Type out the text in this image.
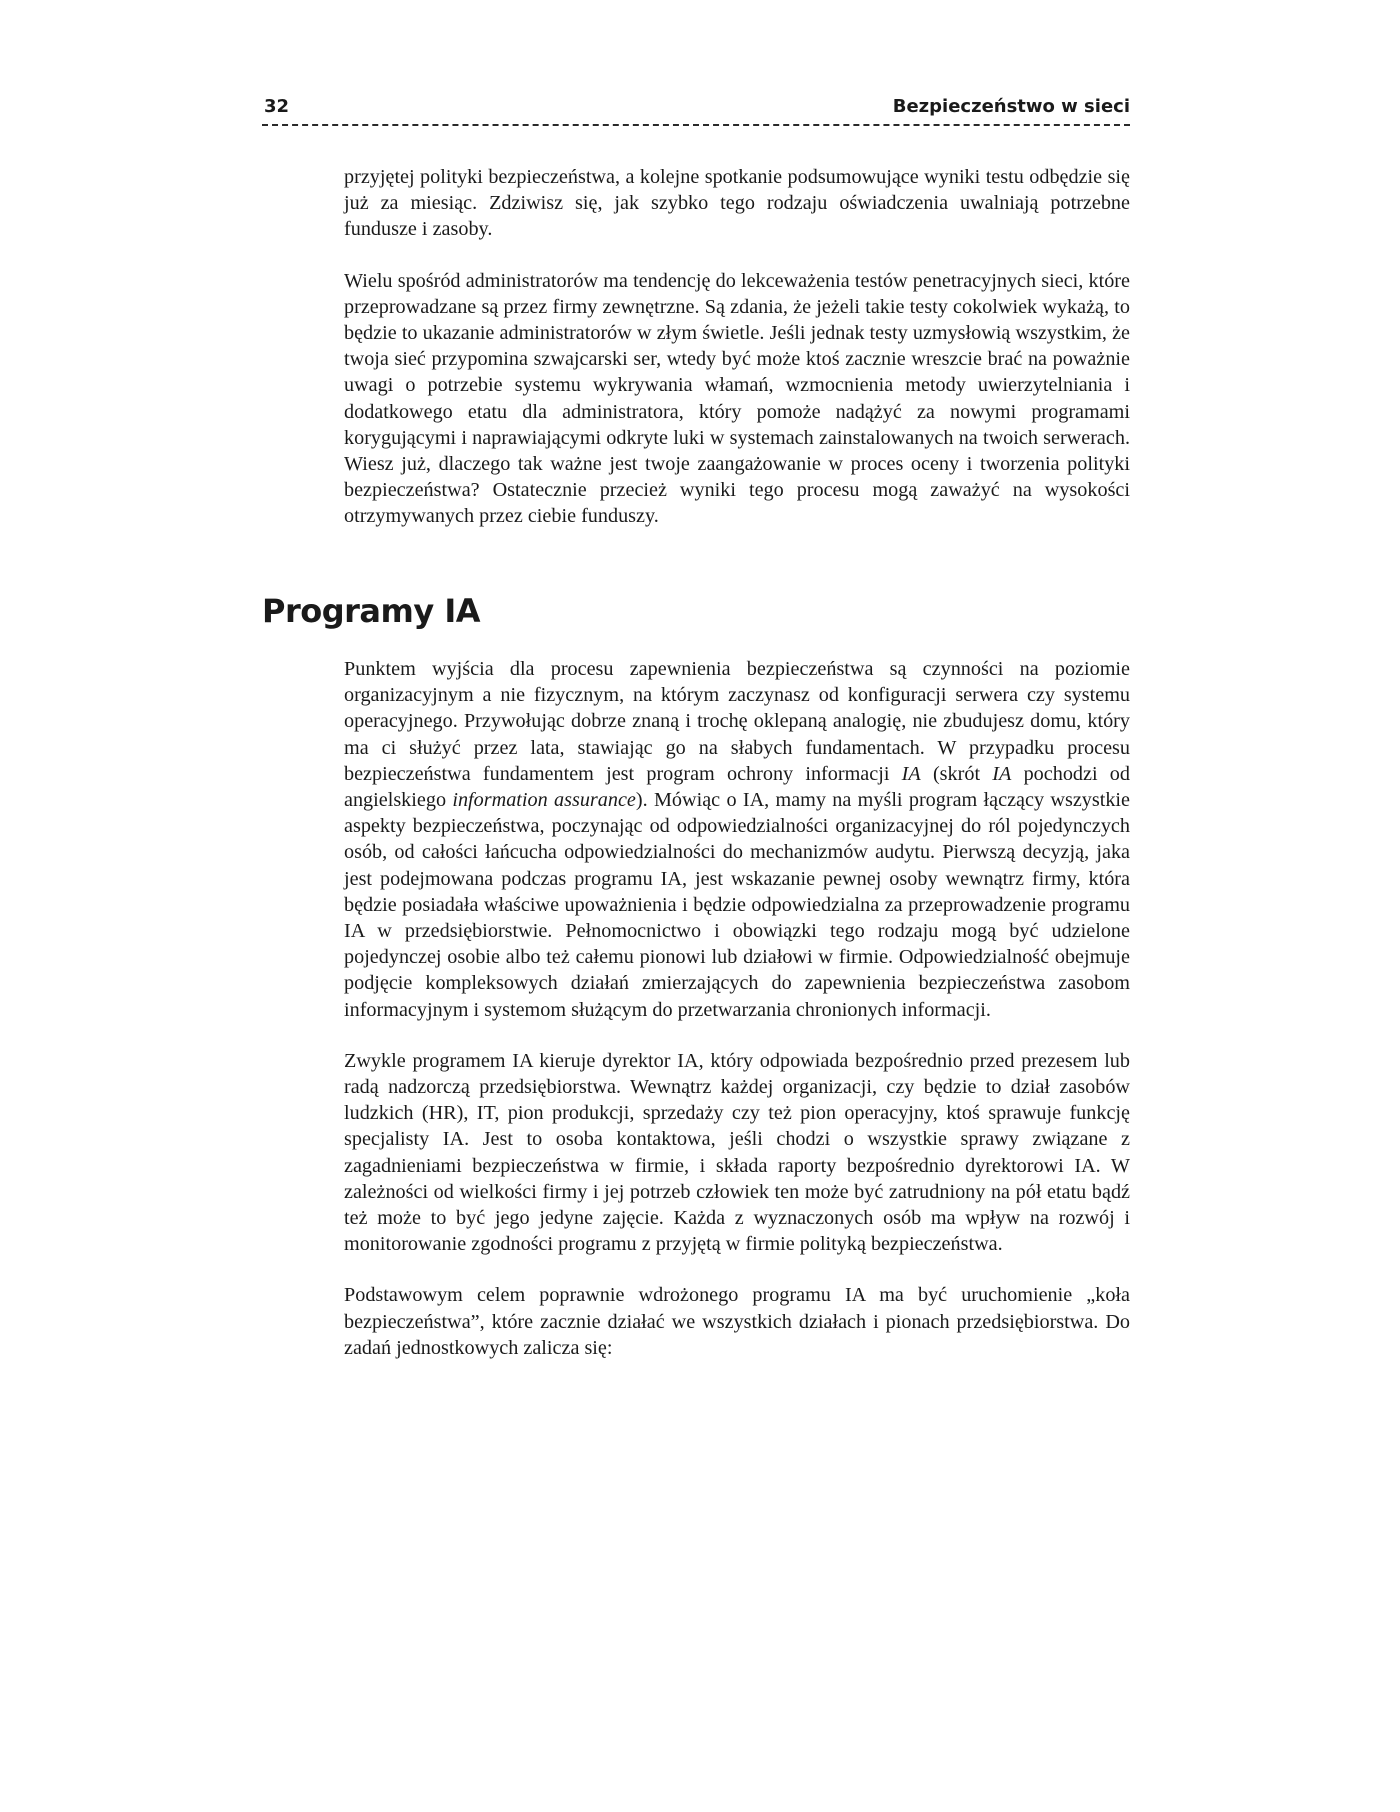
32	Bezpieczeństwo w sieci

przyjętej polityki bezpieczeństwa, a kolejne spotkanie podsumowujące wyniki testu odbędzie się już za miesiąc. Zdziwisz się, jak szybko tego rodzaju oświadczenia uwalniają potrzebne fundusze i zasoby.

Wielu spośród administratorów ma tendencję do lekceważenia testów penetracyjnych sieci, które przeprowadzane są przez firmy zewnętrzne. Są zdania, że jeżeli takie testy cokolwiek wykażą, to będzie to ukazanie administratorów w złym świetle. Jeśli jednak testy uzmysłowią wszystkim, że twoja sieć przypomina szwajcarski ser, wtedy być może ktoś zacznie wreszcie brać na poważnie uwagi o potrzebie systemu wykrywania włamań, wzmocnienia metody uwierzytelniania i dodatkowego etatu dla administratora, który pomoże nadążyć za nowymi programami korygującymi i naprawiającymi odkryte luki w systemach zainstalowanych na twoich serwerach. Wiesz już, dlaczego tak ważne jest twoje zaangażowanie w proces oceny i tworzenia polityki bezpieczeństwa? Ostatecznie przecież wyniki tego procesu mogą zaważyć na wysokości otrzymywanych przez ciebie funduszy.

Programy IA

Punktem wyjścia dla procesu zapewnienia bezpieczeństwa są czynności na poziomie organizacyjnym a nie fizycznym, na którym zaczynasz od konfiguracji serwera czy systemu operacyjnego. Przywołując dobrze znaną i trochę oklepaną analogię, nie zbudujesz domu, który ma ci służyć przez lata, stawiając go na słabych fundamentach. W przypadku procesu bezpieczeństwa fundamentem jest program ochrony informacji IA (skrót IA pochodzi od angielskiego information assurance). Mówiąc o IA, mamy na myśli program łączący wszystkie aspekty bezpieczeństwa, poczynając od odpowiedzialności organizacyjnej do ról pojedynczych osób, od całości łańcucha odpowiedzialności do mechanizmów audytu. Pierwszą decyzją, jaka jest podejmowana podczas programu IA, jest wskazanie pewnej osoby wewnątrz firmy, która będzie posiadała właściwe upoważnienia i będzie odpowiedzialna za przeprowadzenie programu IA w przedsiębiorstwie. Pełnomocnictwo i obowiązki tego rodzaju mogą być udzielone pojedynczej osobie albo też całemu pionowi lub działowi w firmie. Odpowiedzialność obejmuje podjęcie kompleksowych działań zmierzających do zapewnienia bezpieczeństwa zasobom informacyjnym i systemom służącym do przetwarzania chronionych informacji.

Zwykle programem IA kieruje dyrektor IA, który odpowiada bezpośrednio przed prezesem lub radą nadzorczą przedsiębiorstwa. Wewnątrz każdej organizacji, czy będzie to dział zasobów ludzkich (HR), IT, pion produkcji, sprzedaży czy też pion operacyjny, ktoś sprawuje funkcję specjalisty IA. Jest to osoba kontaktowa, jeśli chodzi o wszystkie sprawy związane z zagadnieniami bezpieczeństwa w firmie, i składa raporty bezpośrednio dyrektorowi IA. W zależności od wielkości firmy i jej potrzeb człowiek ten może być zatrudniony na pół etatu bądź też może to być jego jedyne zajęcie. Każda z wyznaczonych osób ma wpływ na rozwój i monitorowanie zgodności programu z przyjętą w firmie polityką bezpieczeństwa.

Podstawowym celem poprawnie wdrożonego programu IA ma być uruchomienie „koła bezpieczeństwa”, które zacznie działać we wszystkich działach i pionach przedsiębiorstwa. Do zadań jednostkowych zalicza się:
